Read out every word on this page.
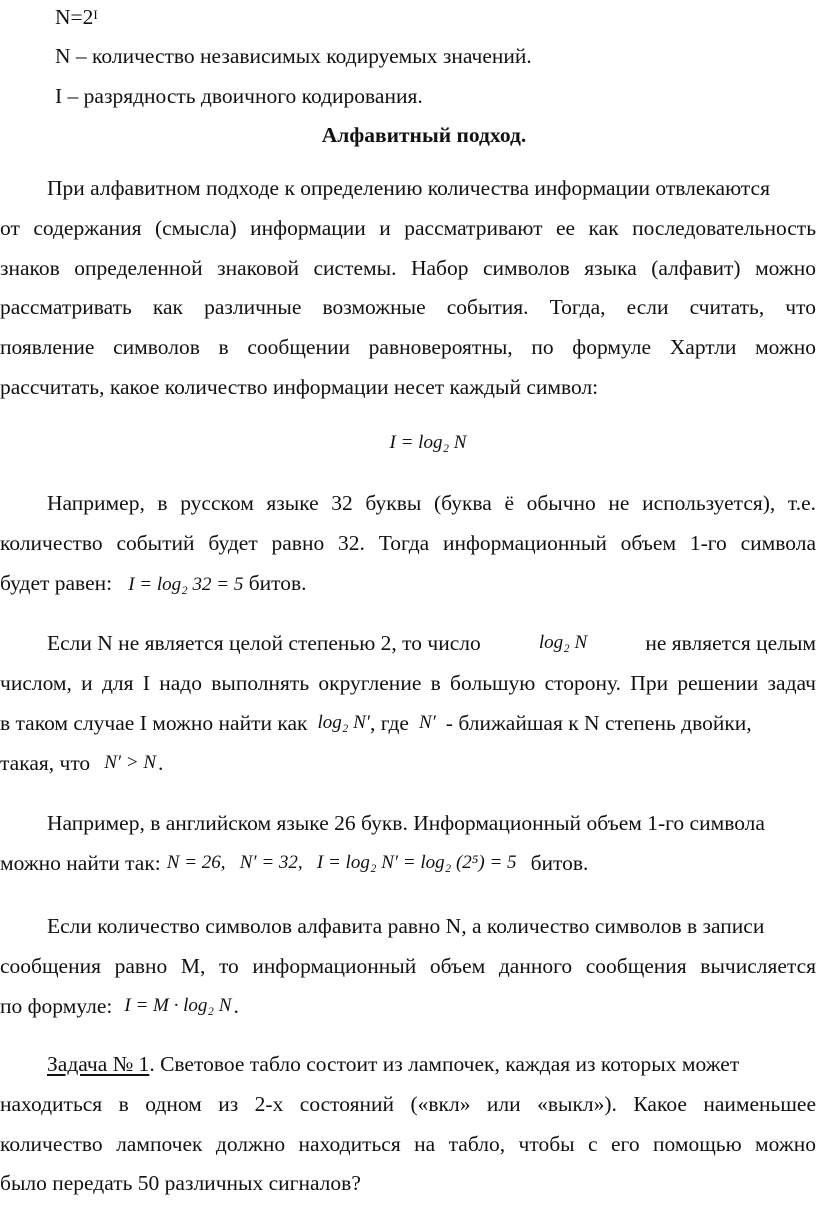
$N=2^I$
N – количество независимых кодируемых значений.
I – разрядность двоичного кодирования.
Алфавитный подход.
При алфавитном подходе к определению количества информации отвлекаются
от содержания (смысла) информации и рассматривают ее как последовательность
знаков определенной знаковой системы. Набор символов языка (алфавит) можно
рассматривать как различные возможные события. Тогда, если считать, что
появление символов в сообщении равновероятны, по формуле Хартли можно
рассчитать, какое количество информации несет каждый символ:
I = log₂ N
Например, в русском языке 32 буквы (буква ё обычно не используется), т.е.
количество событий будет равно 32. Тогда информационный объем 1-го символа
будет равен: I = log₂ 32 = 5 битов.
Если N не является целой степенью 2, то число	log₂ N	не является целым
числом, и для I надо выполнять округление в большую сторону. При решении задач
в таком случае I можно найти как log₂ N′ , где N′ - ближайшая к N степень двойки,
такая, что N′ > N .
Например, в английском языке 26 букв. Информационный объем 1-го символа
можно найти так: N = 26,   N′ = 32,   I = log₂ N′ = log₂ (2⁵) = 5 битов.
Если количество символов алфавита равно N, а количество символов в записи
сообщения равно M, то информационный объем данного сообщения вычисляется
по формуле: I = M · log₂ N .
Задача № 1. Световое табло состоит из лампочек, каждая из которых может
находиться в одном из 2-х состояний («вкл» или «выкл»). Какое наименьшее
количество лампочек должно находиться на табло, чтобы с его помощью можно
было передать 50 различных сигналов?
